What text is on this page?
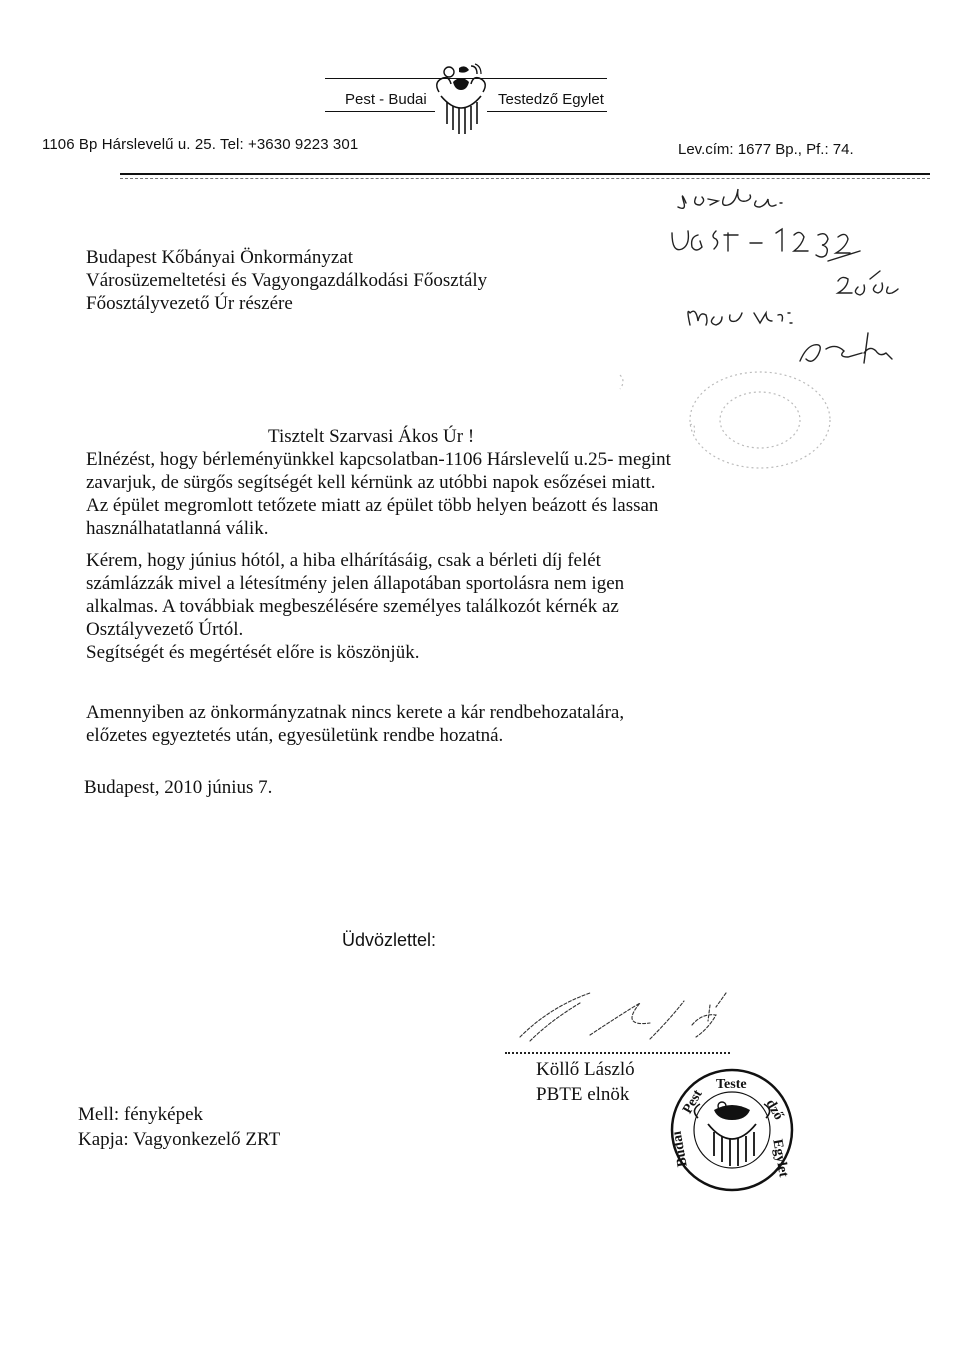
Pest - Budai	Testedző Egylet
1106 Bp Hárslevelű u. 25. Tel: +3630 9223 301	Lev.cím: 1677 Bp., Pf.: 74.
Budapest Kőbányai Önkormányzat
Városüzemeltetési és Vagyongazdálkodási Főosztály
Főosztályvezető Úr részére
Tisztelt Szarvasi Ákos Úr !
Elnézést, hogy bérleményünkkel kapcsolatban-1106 Hárslevelű u.25- megint
zavarjuk, de sürgős segítségét kell kérnünk az utóbbi napok esőzései miatt.
Az épület megromlott tetőzete miatt az épület több helyen beázott és lassan
használhatatlanná válik.
Kérem, hogy június hótól, a hiba elhárításáig, csak a bérleti díj felét
számlázzák mivel a létesítmény jelen állapotában sportolásra nem igen
alkalmas. A továbbiak megbeszélésére személyes találkozót kérnék az
Osztályvezető Úrtól.
Segítségét és megértését előre is köszönjük.
Amennyiben az önkormányzatnak nincs kerete a kár rendbehozatalára,
előzetes egyeztetés után, egyesületünk rendbe hozatná.
Budapest, 2010 június 7.
Üdvözlettel:
Köllő László
PBTE elnök
Mell: fényképek
Kapja: Vagyonkezelő ZRT
Teste
Pest	dző
Egylet
Budai
